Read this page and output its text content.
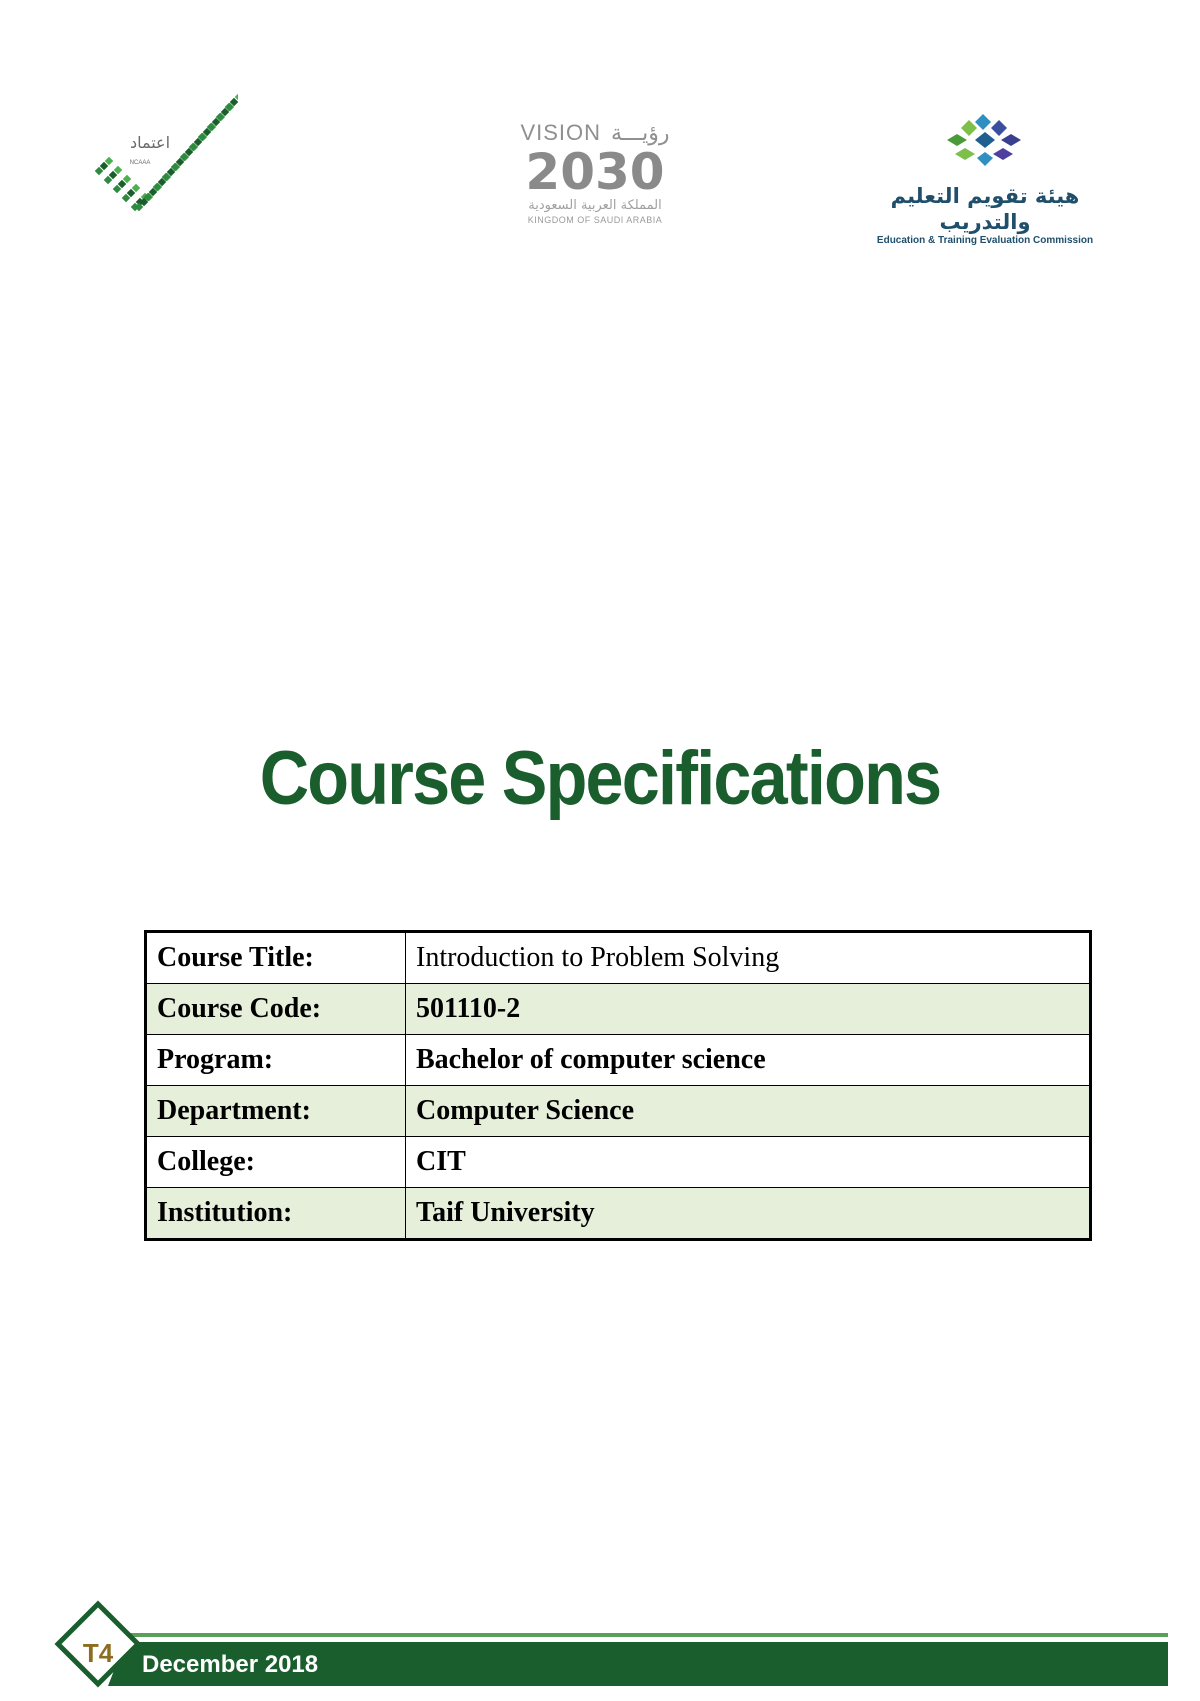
اعتماد
NCAAA
VISION رؤيـــة
2030
المملكة العربية السعودية
KINGDOM OF SAUDI ARABIA
هيئة تقويم التعليم والتدريب
Education & Training Evaluation Commission
Course Specifications
Course Title:	Introduction to Problem Solving
Course Code:	501110-2
Program:	Bachelor of computer science
Department:	Computer Science
College:	CIT
Institution:	Taif University
T4 December 2018
